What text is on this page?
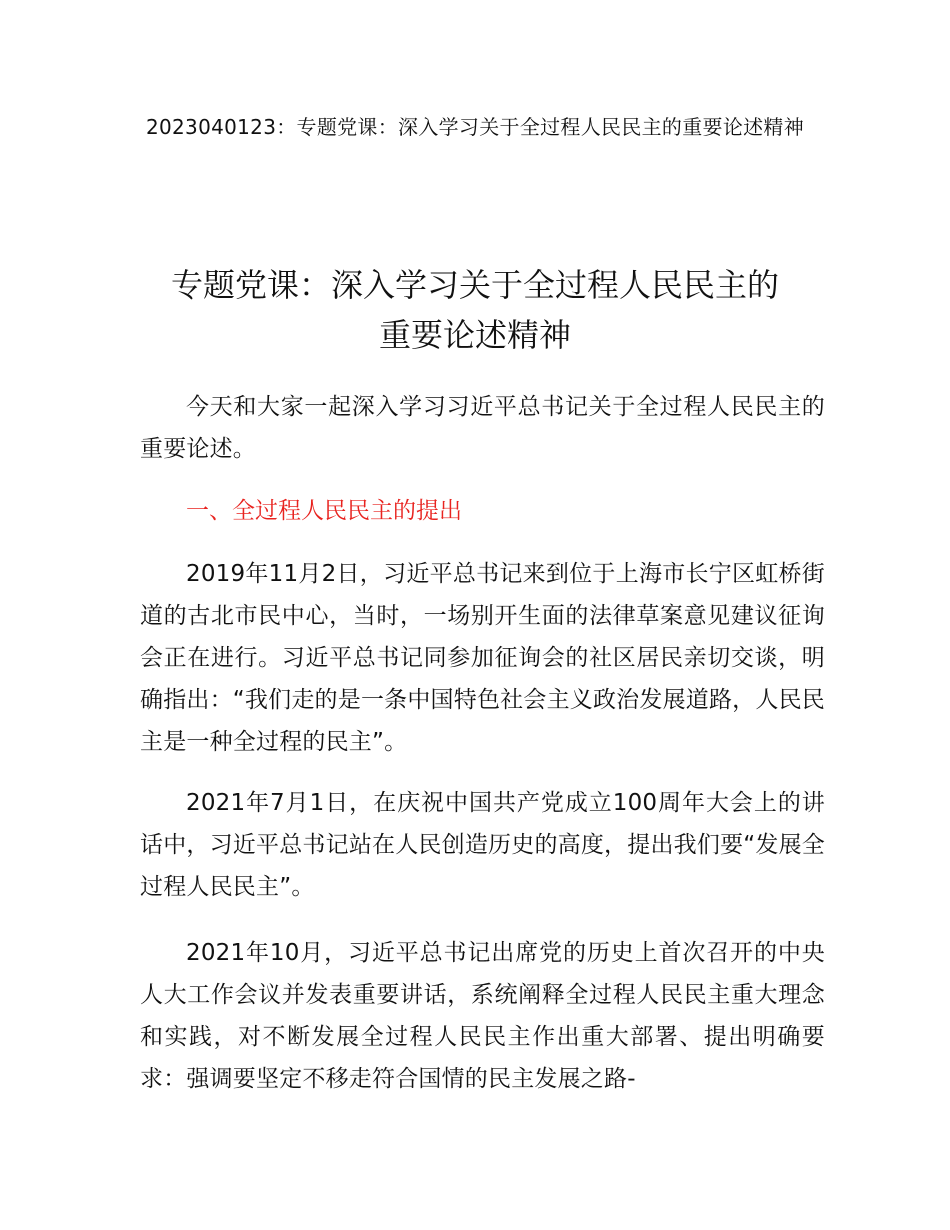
2023040123：专题党课：深入学习关于全过程人民民主的重要论述精神
专题党课：深入学习关于全过程人民民主的
重要论述精神

今天和大家一起深入学习习近平总书记关于全过程人民民主的重要论述。

一、全过程人民民主的提出

2019年11月2日，习近平总书记来到位于上海市长宁区虹桥街道的古北市民中心，当时，一场别开生面的法律草案意见建议征询会正在进行。习近平总书记同参加征询会的社区居民亲切交谈，明确指出：“我们走的是一条中国特色社会主义政治发展道路，人民民主是一种全过程的民主”。

2021年7月1日，在庆祝中国共产党成立100周年大会上的讲话中，习近平总书记站在人民创造历史的高度，提出我们要“发展全过程人民民主”。

2021年10月，习近平总书记出席党的历史上首次召开的中央人大工作会议并发表重要讲话，系统阐释全过程人民民主重大理念和实践，对不断发展全过程人民民主作出重大部署、提出明确要求：强调要坚定不移走符合国情的民主发展之路-
